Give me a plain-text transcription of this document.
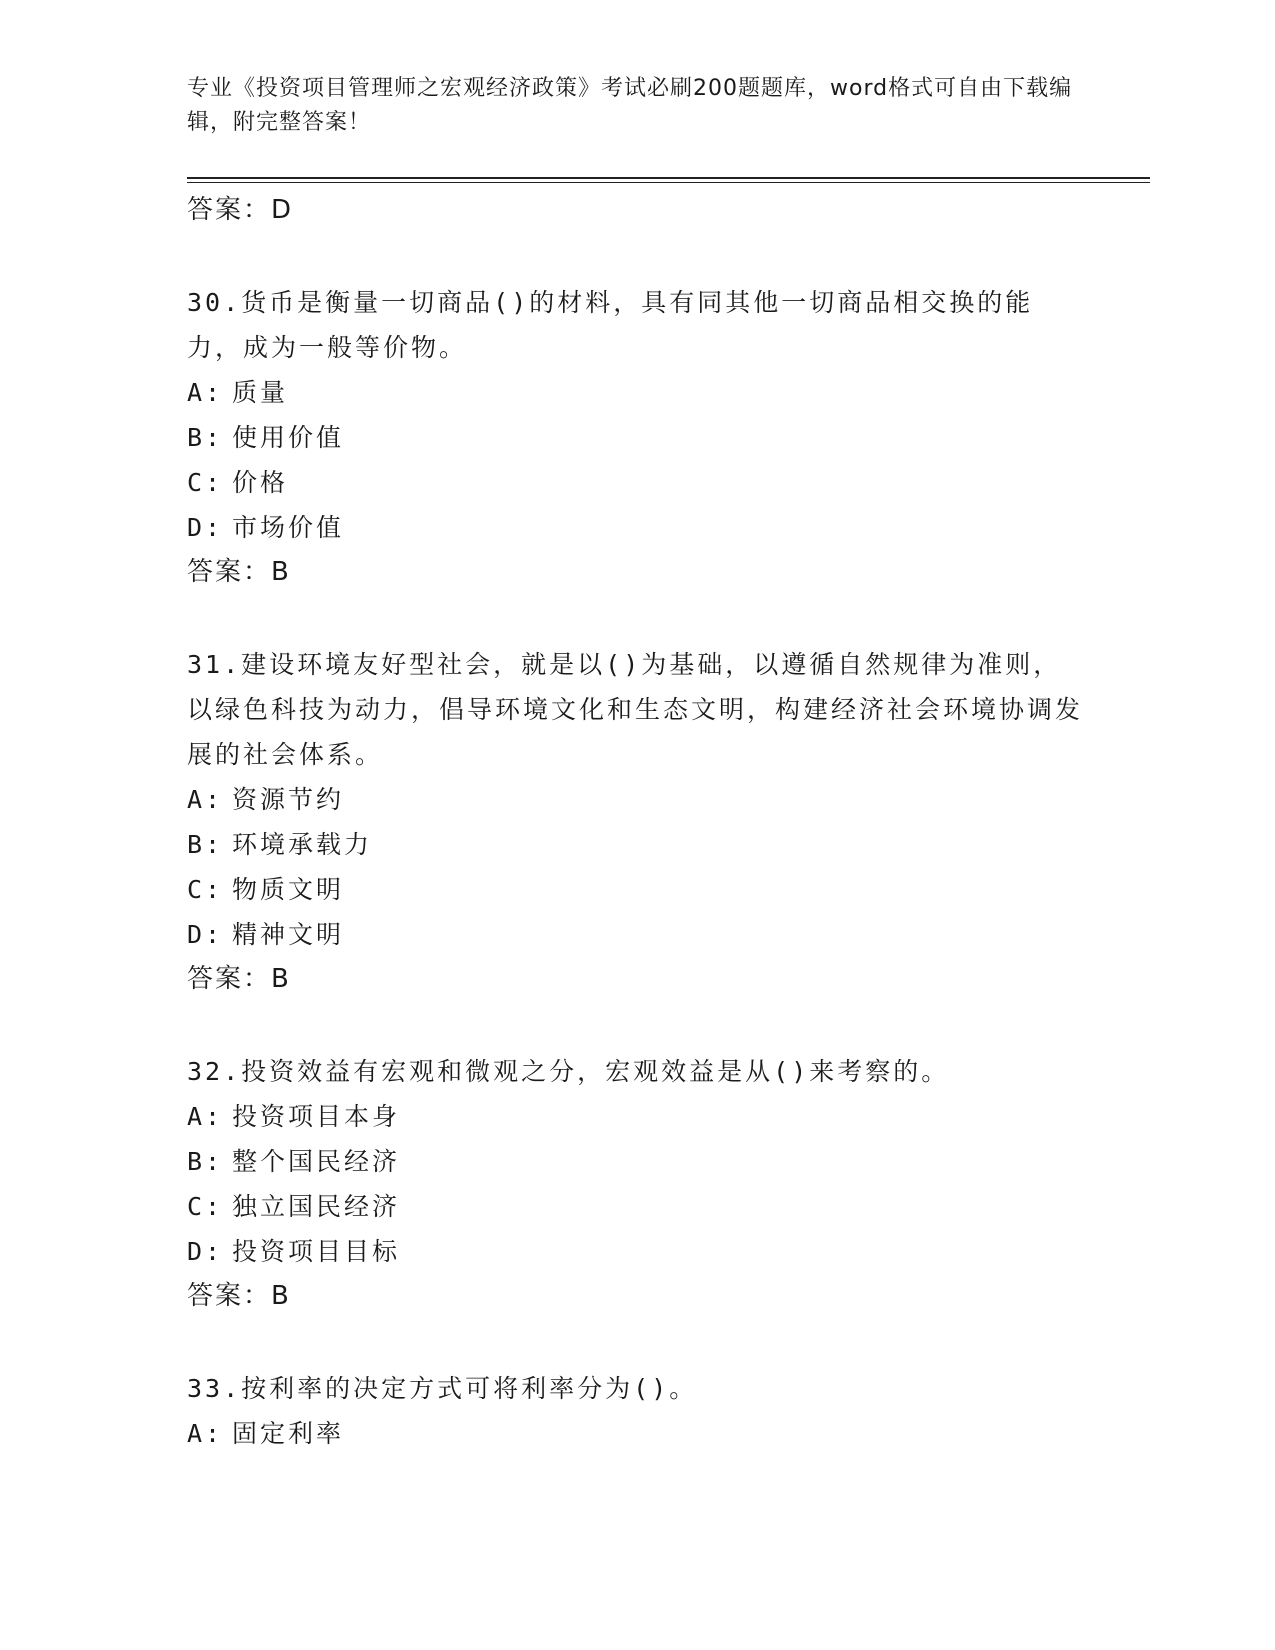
专业《投资项目管理师之宏观经济政策》考试必刷200题题库，word格式可自由下载编辑，附完整答案！

答案：D

30.货币是衡量一切商品()的材料，具有同其他一切商品相交换的能力，成为一般等价物。

A: 质量

B: 使用价值

C: 价格

D: 市场价值

答案：B

31.建设环境友好型社会，就是以()为基础，以遵循自然规律为准则，以绿色科技为动力，倡导环境文化和生态文明，构建经济社会环境协调发展的社会体系。

A: 资源节约

B: 环境承载力

C: 物质文明

D: 精神文明

答案：B

32.投资效益有宏观和微观之分，宏观效益是从()来考察的。

A: 投资项目本身

B: 整个国民经济

C: 独立国民经济

D: 投资项目目标

答案：B

33.按利率的决定方式可将利率分为()。

A: 固定利率
